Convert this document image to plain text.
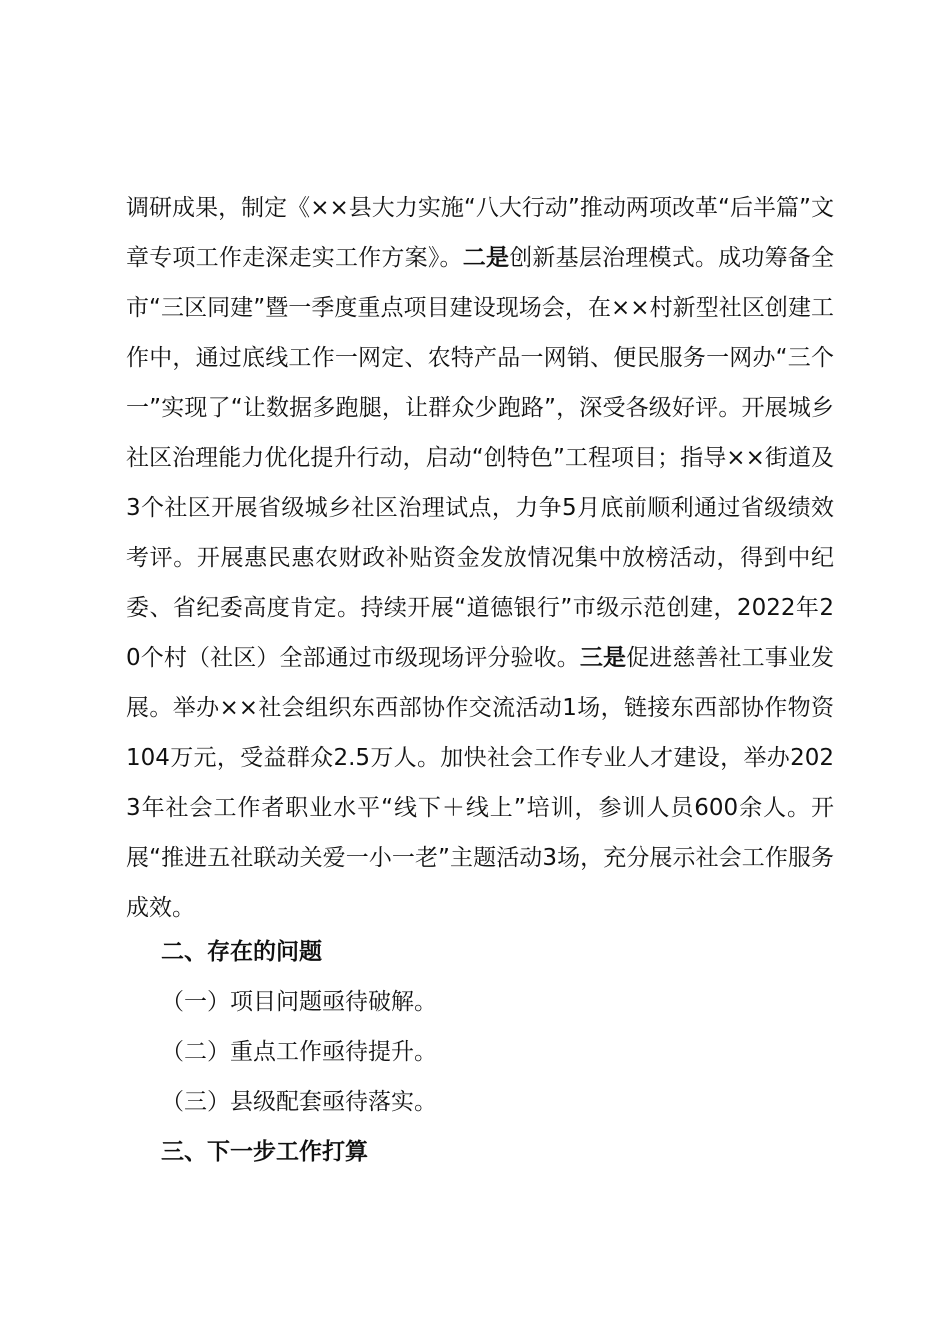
调研成果，制定《××县大力实施“八大行动”推动两项改革“后半篇”文章专项工作走深走实工作方案》。二是创新基层治理模式。成功筹备全市“三区同建”暨一季度重点项目建设现场会，在××村新型社区创建工作中，通过底线工作一网定、农特产品一网销、便民服务一网办“三个一”实现了“让数据多跑腿，让群众少跑路”，深受各级好评。开展城乡社区治理能力优化提升行动，启动“创特色”工程项目；指导××街道及3个社区开展省级城乡社区治理试点，力争5月底前顺利通过省级绩效考评。开展惠民惠农财政补贴资金发放情况集中放榜活动，得到中纪委、省纪委高度肯定。持续开展“道德银行”市级示范创建，2022年20个村（社区）全部通过市级现场评分验收。三是促进慈善社工事业发展。举办××社会组织东西部协作交流活动1场，链接东西部协作物资104万元，受益群众2.5万人。加快社会工作专业人才建设，举办2023年社会工作者职业水平“线下＋线上”培训，参训人员600余人。开展“推进五社联动关爱一小一老”主题活动3场，充分展示社会工作服务成效。

二、存在的问题

（一）项目问题亟待破解。

（二）重点工作亟待提升。

（三）县级配套亟待落实。

三、下一步工作打算
